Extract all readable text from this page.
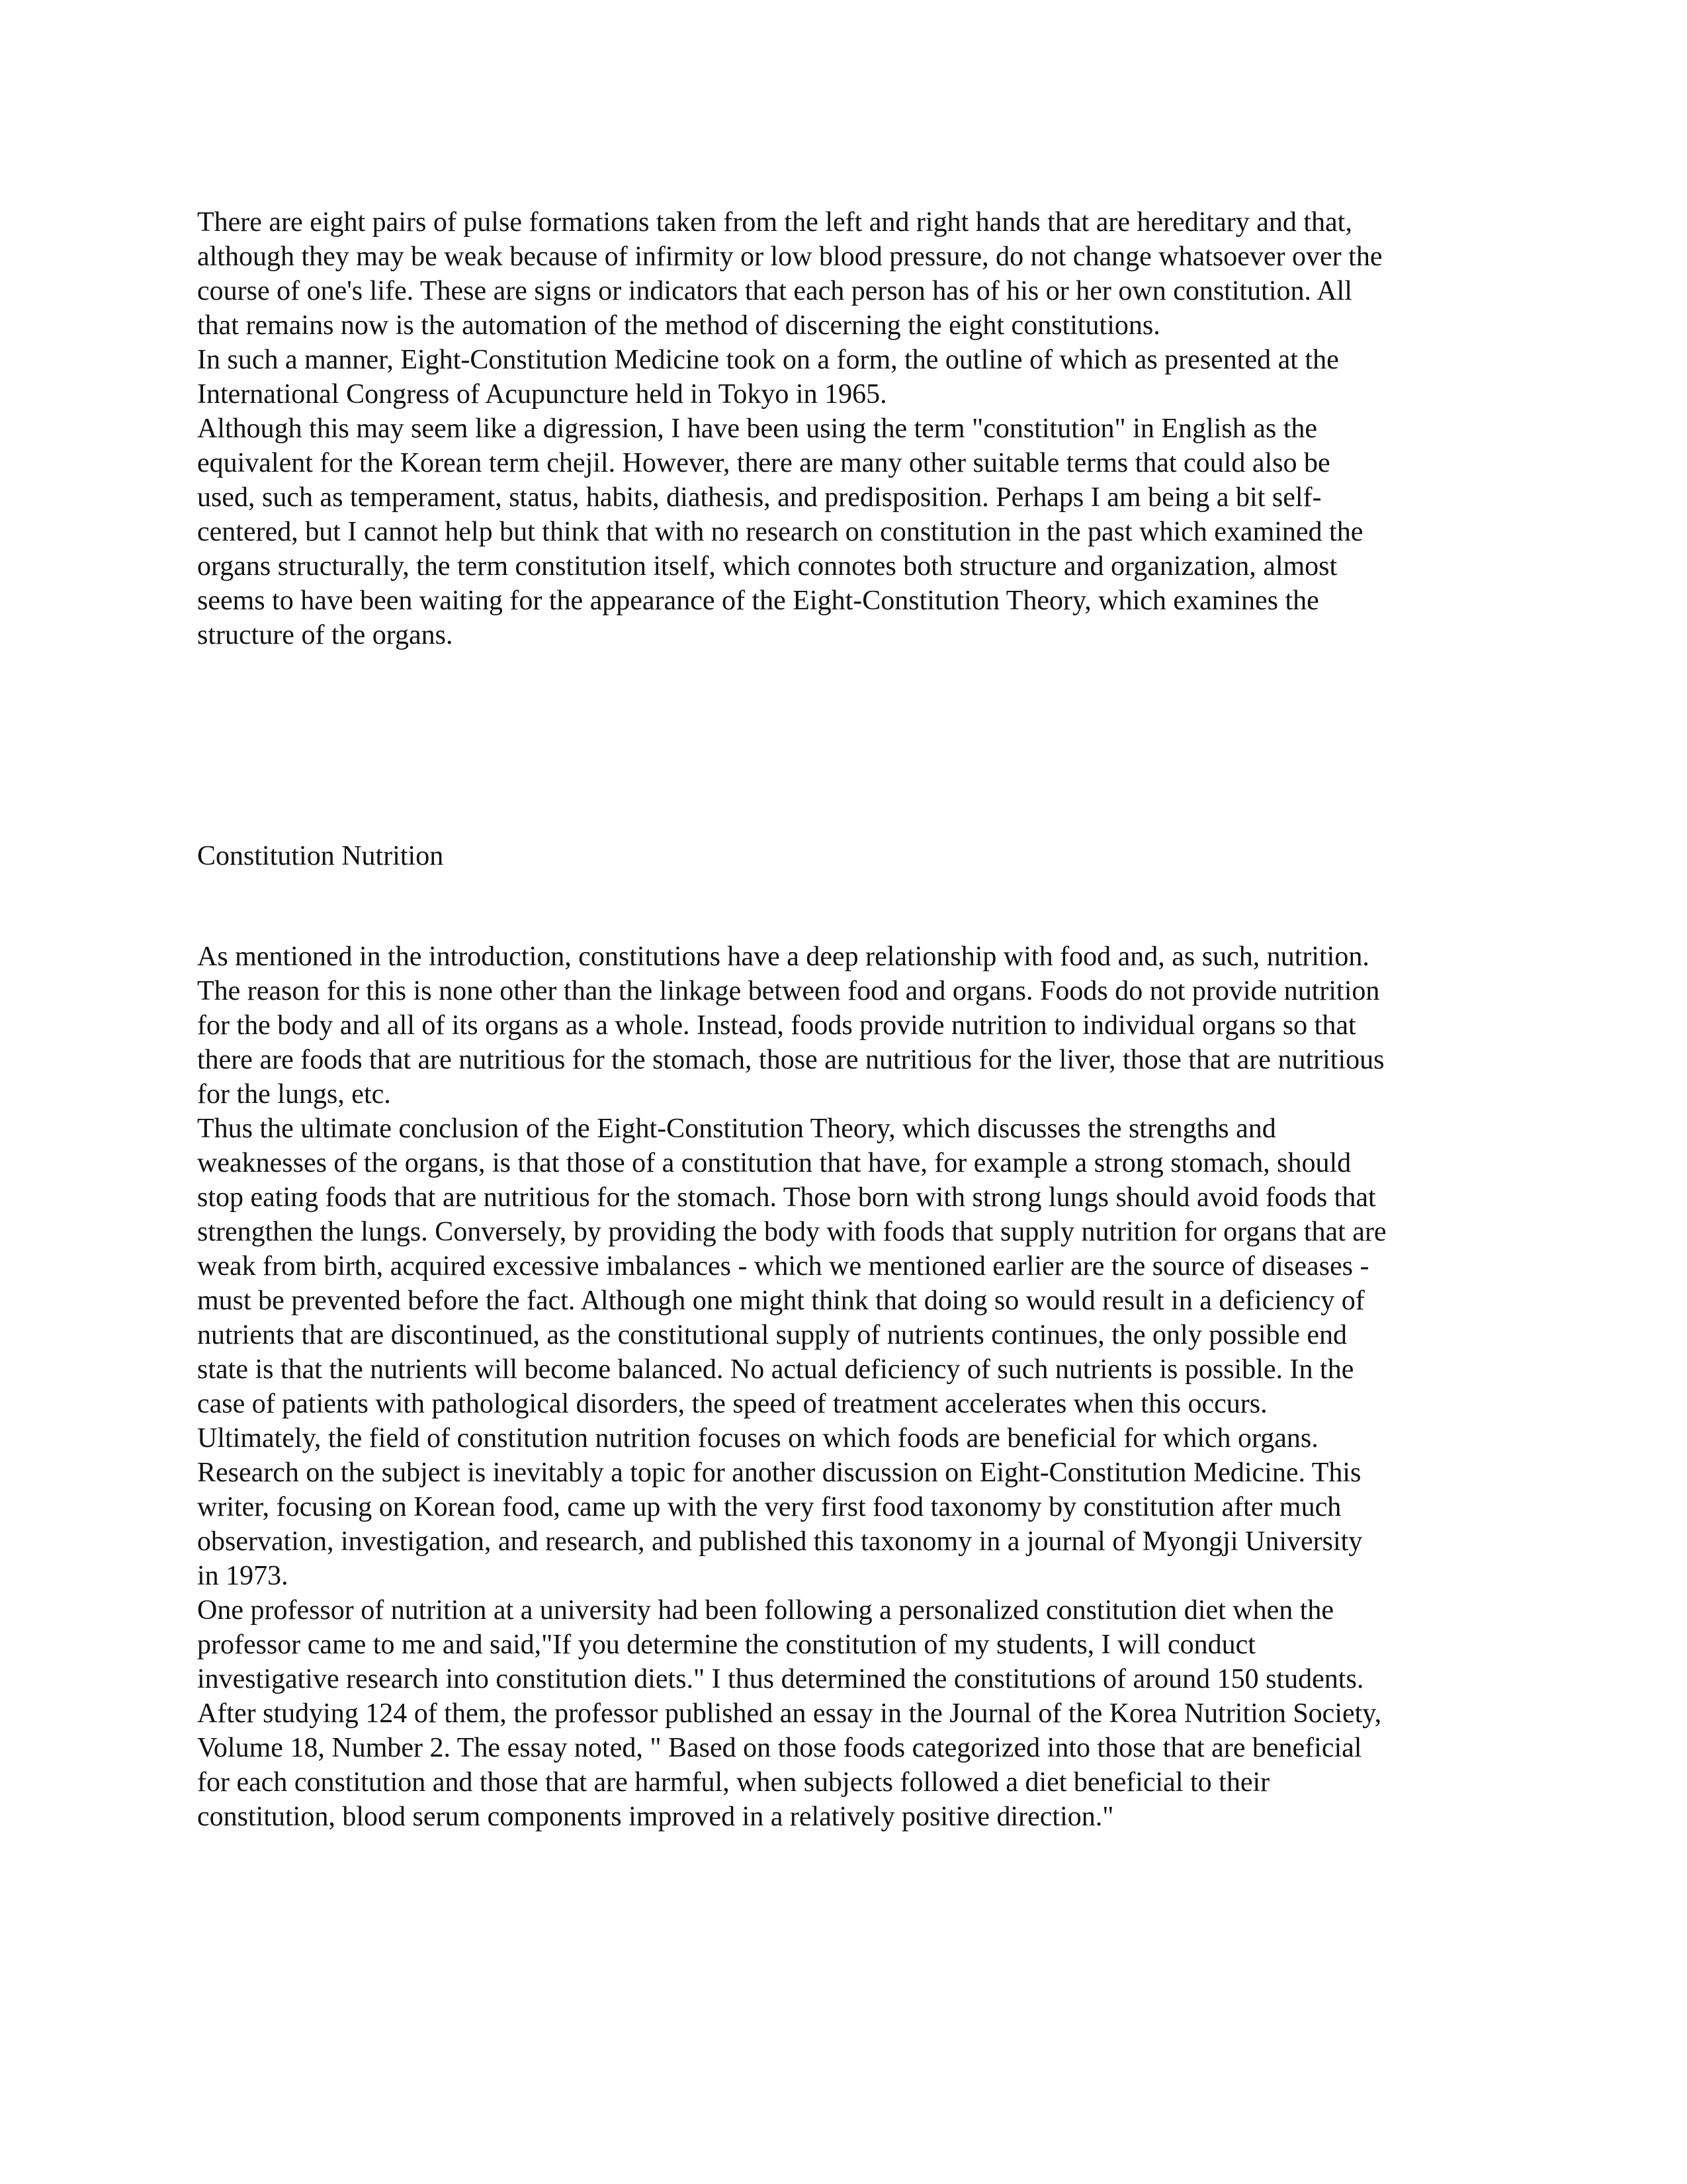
There are eight pairs of pulse formations taken from the left and right hands that are hereditary and that, although they may be weak because of infirmity or low blood pressure, do not change whatsoever over the course of one's life. These are signs or indicators that each person has of his or her own constitution. All that remains now is the automation of the method of discerning the eight constitutions.

In such a manner, Eight-Constitution Medicine took on a form, the outline of which as presented at the International Congress of Acupuncture held in Tokyo in 1965.

Although this may seem like a digression, I have been using the term "constitution" in English as the equivalent for the Korean term chejil. However, there are many other suitable terms that could also be used, such as temperament, status, habits, diathesis, and predisposition. Perhaps I am being a bit self-centered, but I cannot help but think that with no research on constitution in the past which examined the organs structurally, the term constitution itself, which connotes both structure and organization, almost seems to have been waiting for the appearance of the Eight-Constitution Theory, which examines the structure of the organs.

Constitution Nutrition

As mentioned in the introduction, constitutions have a deep relationship with food and, as such, nutrition. The reason for this is none other than the linkage between food and organs. Foods do not provide nutrition for the body and all of its organs as a whole. Instead, foods provide nutrition to individual organs so that there are foods that are nutritious for the stomach, those are nutritious for the liver, those that are nutritious for the lungs, etc.

Thus the ultimate conclusion of the Eight-Constitution Theory, which discusses the strengths and weaknesses of the organs, is that those of a constitution that have, for example a strong stomach, should stop eating foods that are nutritious for the stomach. Those born with strong lungs should avoid foods that strengthen the lungs. Conversely, by providing the body with foods that supply nutrition for organs that are weak from birth, acquired excessive imbalances - which we mentioned earlier are the source of diseases - must be prevented before the fact. Although one might think that doing so would result in a deficiency of nutrients that are discontinued, as the constitutional supply of nutrients continues, the only possible end state is that the nutrients will become balanced. No actual deficiency of such nutrients is possible. In the case of patients with pathological disorders, the speed of treatment accelerates when this occurs.

Ultimately, the field of constitution nutrition focuses on which foods are beneficial for which organs. Research on the subject is inevitably a topic for another discussion on Eight-Constitution Medicine. This writer, focusing on Korean food, came up with the very first food taxonomy by constitution after much observation, investigation, and research, and published this taxonomy in a journal of Myongji University in 1973.

One professor of nutrition at a university had been following a personalized constitution diet when the professor came to me and said,"If you determine the constitution of my students, I will conduct investigative research into constitution diets." I thus determined the constitutions of around 150 students. After studying 124 of them, the professor published an essay in the Journal of the Korea Nutrition Society, Volume 18, Number 2. The essay noted, " Based on those foods categorized into those that are beneficial for each constitution and those that are harmful, when subjects followed a diet beneficial to their constitution, blood serum components improved in a relatively positive direction."
